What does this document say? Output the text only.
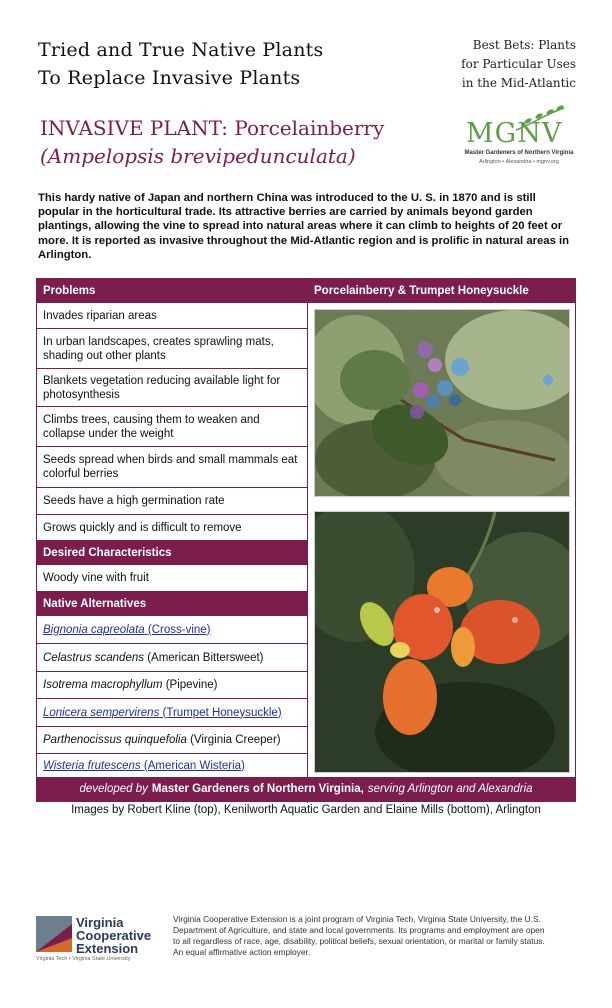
Tried and True Native Plants
To Replace Invasive Plants
Best Bets: Plants
for Particular Uses
in the Mid-Atlantic
INVASIVE PLANT: Porcelainberry
(Ampelopsis brevipedunculata)
MGNV
Master Gardeners of Northern Virginia
Arlington • Alexandria • mgnv.org

This hardy native of Japan and northern China was introduced to the U. S. in 1870 and is still popular in the horticultural trade. Its attractive berries are carried by animals beyond garden plantings, allowing the vine to spread into natural areas where it can climb to heights of 20 feet or more. It is reported as invasive throughout the Mid-Atlantic region and is prolific in natural areas in Arlington.

Problems	Porcelainberry & Trumpet Honeysuckle
Invades riparian areas
In urban landscapes, creates sprawling mats, shading out other plants
Blankets vegetation reducing available light for photosynthesis
Climbs trees, causing them to weaken and collapse under the weight
Seeds spread when birds and small mammals eat colorful berries
Seeds have a high germination rate
Grows quickly and is difficult to remove
Desired Characteristics
Woody vine with fruit
Native Alternatives
Bignonia capreolata (Cross-vine)
Celastrus scandens (American Bittersweet)
Isotrema macrophyllum (Pipevine)
Lonicera sempervirens (Trumpet Honeysuckle)
Parthenocissus quinquefolia (Virginia Creeper)
Wisteria frutescens (American Wisteria)
developed by Master Gardeners of Northern Virginia, serving Arlington and Alexandria
Images by Robert Kline (top), Kenilworth Aquatic Garden and Elaine Mills (bottom), Arlington
Virginia
Cooperative
Extension
Virginia Tech • Virginia State University

Virginia Cooperative Extension is a joint program of Virginia Tech, Virginia State University, the U.S. Department of Agriculture, and state and local governments. Its programs and employment are open to all regardless of race, age, disability, political beliefs, sexual orientation, or marital or family status. An equal affirmative action employer.
